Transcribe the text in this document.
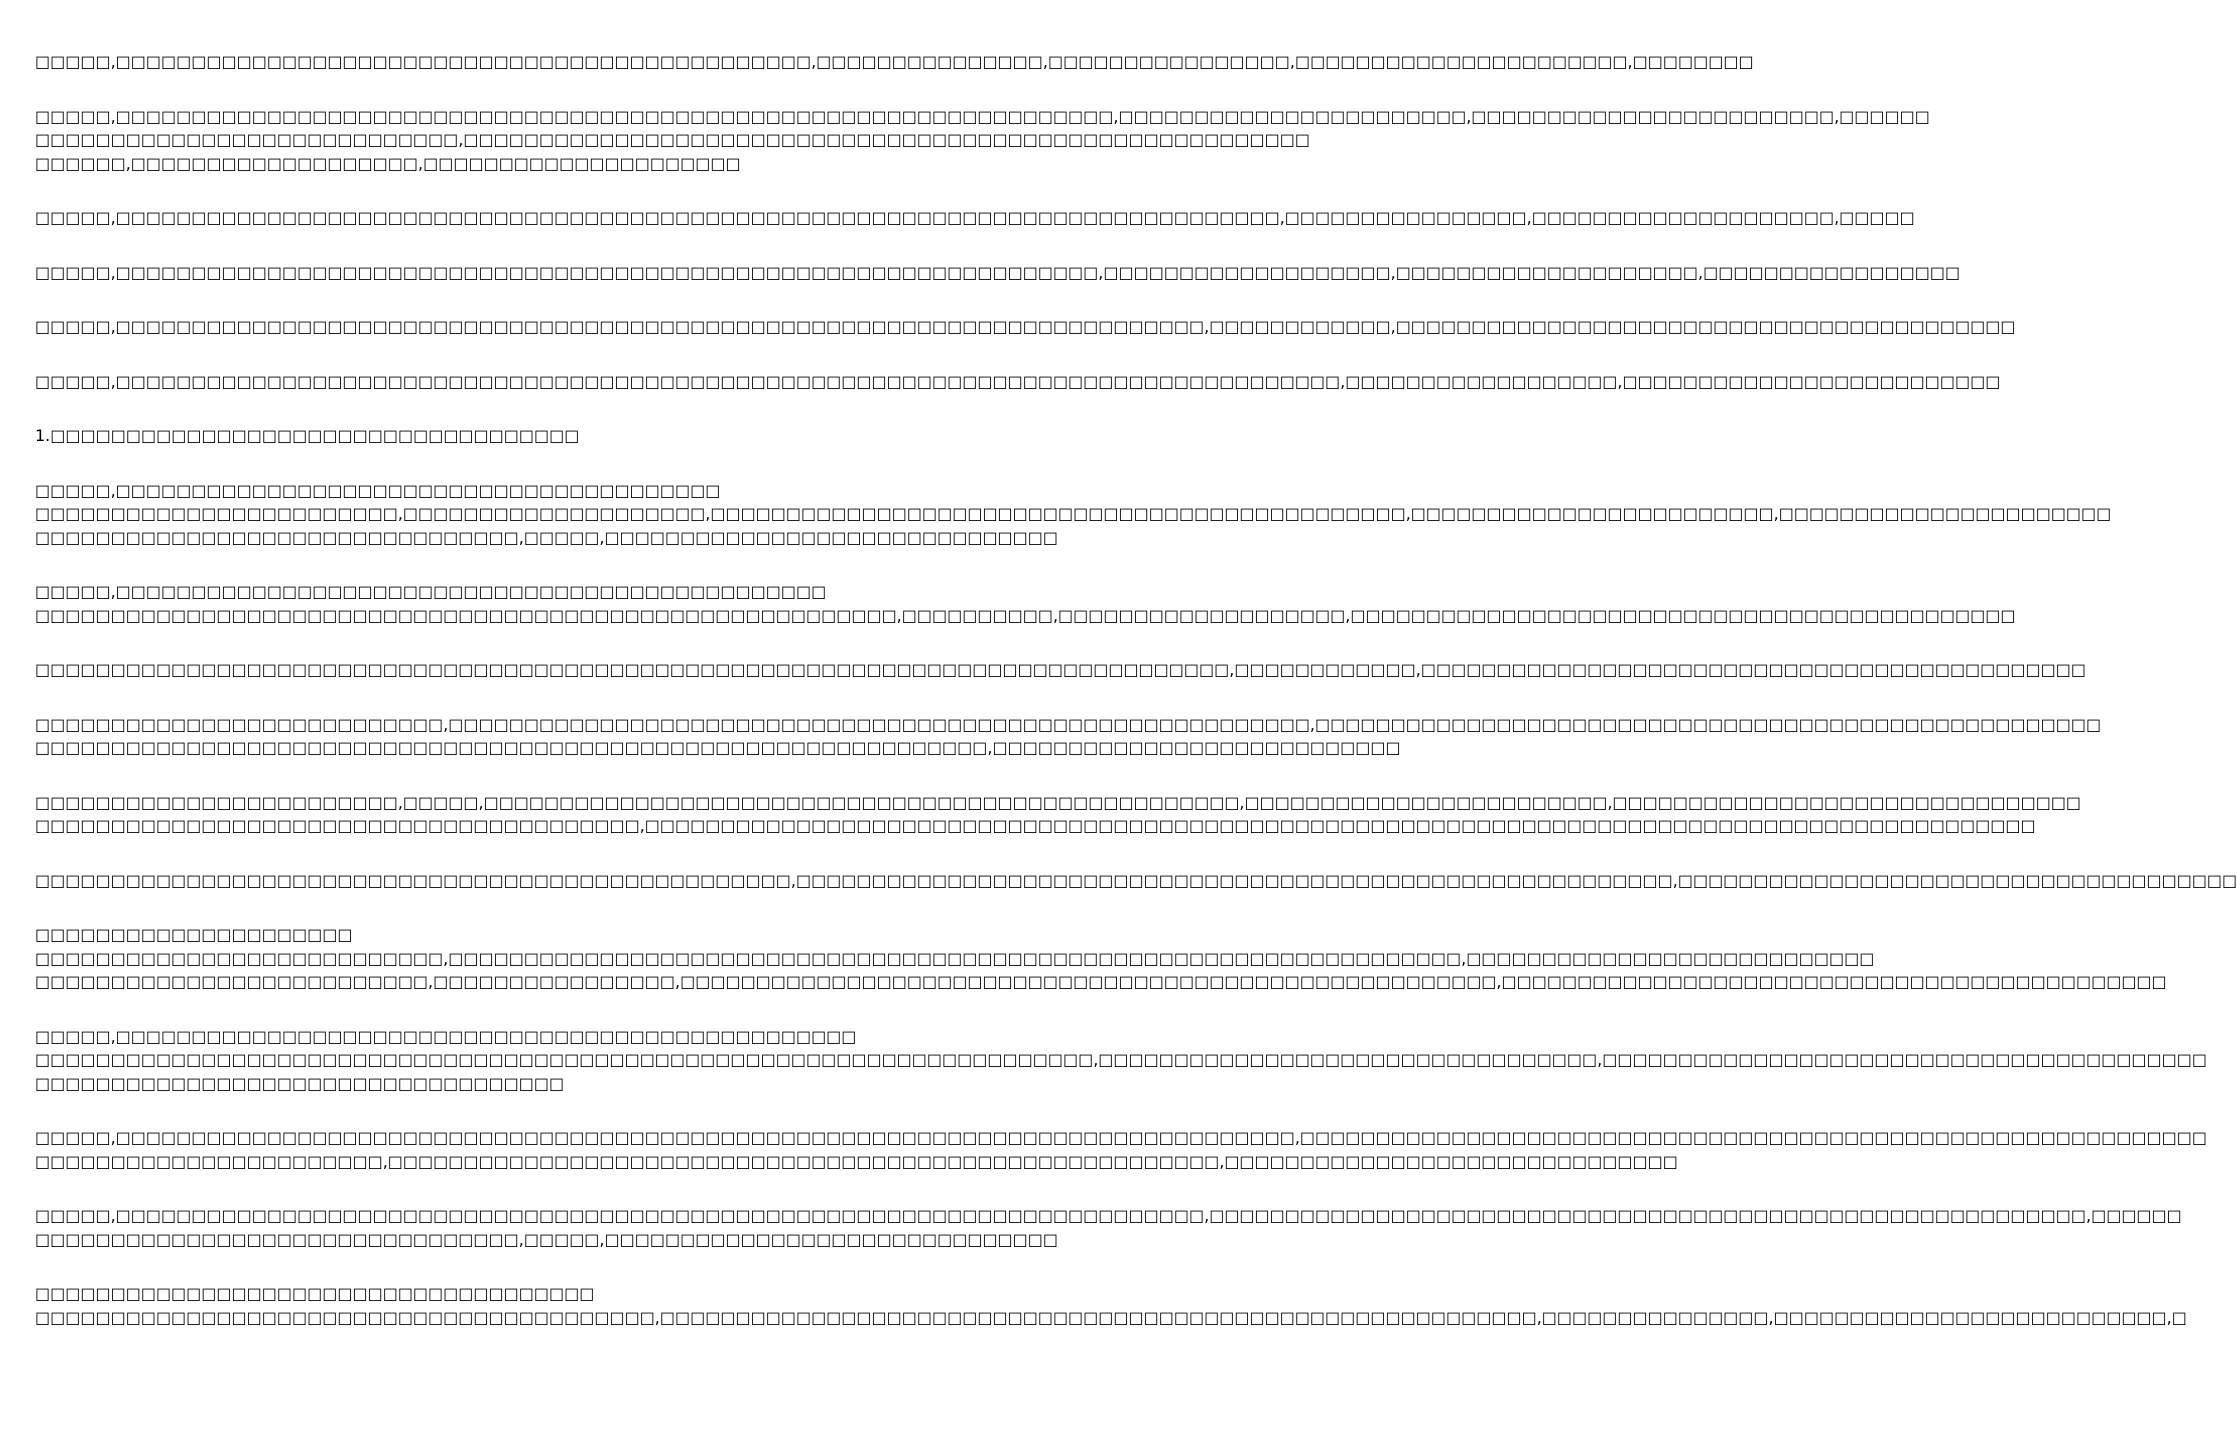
□□□□□,□□□□□□□□□□□□□□□□□□□□□□□□□□□□□□□□□□□□□□□□□□□□□□,□□□□□□□□□□□□□□□,□□□□□□□□□□□□□□□□,□□□□□□□□□□□□□□□□□□□□□□,□□□□□□□□
□□□□□,□□□□□□□□□□□□□□□□□□□□□□□□□□□□□□□□□□□□□□□□□□□□□□□□□□□□□□□□□□□□□□□□□□,□□□□□□□□□□□□□□□□□□□□□□□,□□□□□□□□□□□□□□□□□□□□□□□□,□□□□□□
□□□□□□□□□□□□□□□□□□□□□□□□□□□□,□□□□□□□□□□□□□□□□□□□□□□□□□□□□□□□□□□□□□□□□□□□□□□□□□□□□□□□□
□□□□□□,□□□□□□□□□□□□□□□□□□□,□□□□□□□□□□□□□□□□□□□□□
□□□□□,□□□□□□□□□□□□□□□□□□□□□□□□□□□□□□□□□□□□□□□□□□□□□□□□□□□□□□□□□□□□□□□□□□□□□□□□□□□□□,□□□□□□□□□□□□□□□□,□□□□□□□□□□□□□□□□□□□□,□□□□□
□□□□□,□□□□□□□□□□□□□□□□□□□□□□□□□□□□□□□□□□□□□□□□□□□□□□□□□□□□□□□□□□□□□□□□□,□□□□□□□□□□□□□□□□□□□,□□□□□□□□□□□□□□□□□□□□,□□□□□□□□□□□□□□□□□
□□□□□,□□□□□□□□□□□□□□□□□□□□□□□□□□□□□□□□□□□□□□□□□□□□□□□□□□□□□□□□□□□□□□□□□□□□□□□□,□□□□□□□□□□□□,□□□□□□□□□□□□□□□□□□□□□□□□□□□□□□□□□□□□□□□□□
□□□□□,□□□□□□□□□□□□□□□□□□□□□□□□□□□□□□□□□□□□□□□□□□□□□□□□□□□□□□□□□□□□□□□□□□□□□□□□□□□□□□□□□,□□□□□□□□□□□□□□□□□□,□□□□□□□□□□□□□□□□□□□□□□□□□
1.□□□□□□□□□□□□□□□□□□□□□□□□□□□□□□□□□□□
□□□□□,□□□□□□□□□□□□□□□□□□□□□□□□□□□□□□□□□□□□□□□□
□□□□□□□□□□□□□□□□□□□□□□□□,□□□□□□□□□□□□□□□□□□□□,□□□□□□□□□□□□□□□□□□□□□□□□□□□□□□□□□□□□□□□□□□□□□□,□□□□□□□□□□□□□□□□□□□□□□□□,□□□□□□□□□□□□□□□□□□□□□□
□□□□□□□□□□□□□□□□□□□□□□□□□□□□□□□□,□□□□□,□□□□□□□□□□□□□□□□□□□□□□□□□□□□□□
□□□□□,□□□□□□□□□□□□□□□□□□□□□□□□□□□□□□□□□□□□□□□□□□□□□□□
□□□□□□□□□□□□□□□□□□□□□□□□□□□□□□□□□□□□□□□□□□□□□□□□□□□□□□□□□,□□□□□□□□□□,□□□□□□□□□□□□□□□□□□□,□□□□□□□□□□□□□□□□□□□□□□□□□□□□□□□□□□□□□□□□□□□□
□□□□□□□□□□□□□□□□□□□□□□□□□□□□□□□□□□□□□□□□□□□□□□□□□□□□□□□□□□□□□□□□□□□□□□□□□□□□□□□,□□□□□□□□□□□□,□□□□□□□□□□□□□□□□□□□□□□□□□□□□□□□□□□□□□□□□□□□□
□□□□□□□□□□□□□□□□□□□□□□□□□□□,□□□□□□□□□□□□□□□□□□□□□□□□□□□□□□□□□□□□□□□□□□□□□□□□□□□□□□□□□,□□□□□□□□□□□□□□□□□□□□□□□□□□□□□□□□□□□□□□□□□□□□□□□□□□□□
□□□□□□□□□□□□□□□□□□□□□□□□□□□□□□□□□□□□□□□□□□□□□□□□□□□□□□□□□□□□□□□,□□□□□□□□□□□□□□□□□□□□□□□□□□□
□□□□□□□□□□□□□□□□□□□□□□□□,□□□□□,□□□□□□□□□□□□□□□□□□□□□□□□□□□□□□□□□□□□□□□□□□□□□□□□□□,□□□□□□□□□□□□□□□□□□□□□□□□,□□□□□□□□□□□□□□□□□□□□□□□□□□□□□□□
□□□□□□□□□□□□□□□□□□□□□□□□□□□□□□□□□□□□□□□□,□□□□□□□□□□□□□□□□□□□□□□□□□□□□□□□□□□□□□□□□□□□□□□□□□□□□□□□□□□□□□□□□□□□□□□□□□□□□□□□□□□□□□□□□□□□□
□□□□□□□□□□□□□□□□□□□□□□□□□□□□□□□□□□□□□□□□□□□□□□□□□□,□□□□□□□□□□□□□□□□□□□□□□□□□□□□□□□□□□□□□□□□□□□□□□□□□□□□□□□□□□,□□□□□□□□□□□□□□□□□□□□□□□□□□□□□□□□□□□□□
□□□□□□□□□□□□□□□□□□□□□
□□□□□□□□□□□□□□□□□□□□□□□□□□□,□□□□□□□□□□□□□□□□□□□□□□□□□□□□□□□□□□□□□□□□□□□□□□□□□□□□□□□□□□□□□□□□□□□,□□□□□□□□□□□□□□□□□□□□□□□□□□□
□□□□□□□□□□□□□□□□□□□□□□□□□□,□□□□□□□□□□□□□□□□,□□□□□□□□□□□□□□□□□□□□□□□□□□□□□□□□□□□□□□□□□□□□□□□□□□□□□□,□□□□□□□□□□□□□□□□□□□□□□□□□□□□□□□□□□□□□□□□□□□□
□□□□□,□□□□□□□□□□□□□□□□□□□□□□□□□□□□□□□□□□□□□□□□□□□□□□□□□
□□□□□□□□□□□□□□□□□□□□□□□□□□□□□□□□□□□□□□□□□□□□□□□□□□□□□□□□□□□□□□□□□□□□□□,□□□□□□□□□□□□□□□□□□□□□□□□□□□□□□□□□,□□□□□□□□□□□□□□□□□□□□□□□□□□□□□□□□□□□□□□□□
□□□□□□□□□□□□□□□□□□□□□□□□□□□□□□□□□□□
□□□□□,□□□□□□□□□□□□□□□□□□□□□□□□□□□□□□□□□□□□□□□□□□□□□□□□□□□□□□□□□□□□□□□□□□□□□□□□□□□□□□,□□□□□□□□□□□□□□□□□□□□□□□□□□□□□□□□□□□□□□□□□□□□□□□□□□□□□□□□□□□□
□□□□□□□□□□□□□□□□□□□□□□□,□□□□□□□□□□□□□□□□□□□□□□□□□□□□□□□□□□□□□□□□□□□□□□□□□□□□□□□,□□□□□□□□□□□□□□□□□□□□□□□□□□□□□□
□□□□□,□□□□□□□□□□□□□□□□□□□□□□□□□□□□□□□□□□□□□□□□□□□□□□□□□□□□□□□□□□□□□□□□□□□□□□□□,□□□□□□□□□□□□□□□□□□□□□□□□□□□□□□□□□□□□□□□□□□□□□□□□□□□□□□□□□□,□□□□□□
□□□□□□□□□□□□□□□□□□□□□□□□□□□□□□□□,□□□□□,□□□□□□□□□□□□□□□□□□□□□□□□□□□□□□
□□□□□□□□□□□□□□□□□□□□□□□□□□□□□□□□□□□□□
□□□□□□□□□□□□□□□□□□□□□□□□□□□□□□□□□□□□□□□□□,□□□□□□□□□□□□□□□□□□□□□□□□□□□□□□□□□□□□□□□□□□□□□□□□□□□□□□□□□□,□□□□□□□□□□□□□□□,□□□□□□□□□□□□□□□□□□□□□□□□□□,□
